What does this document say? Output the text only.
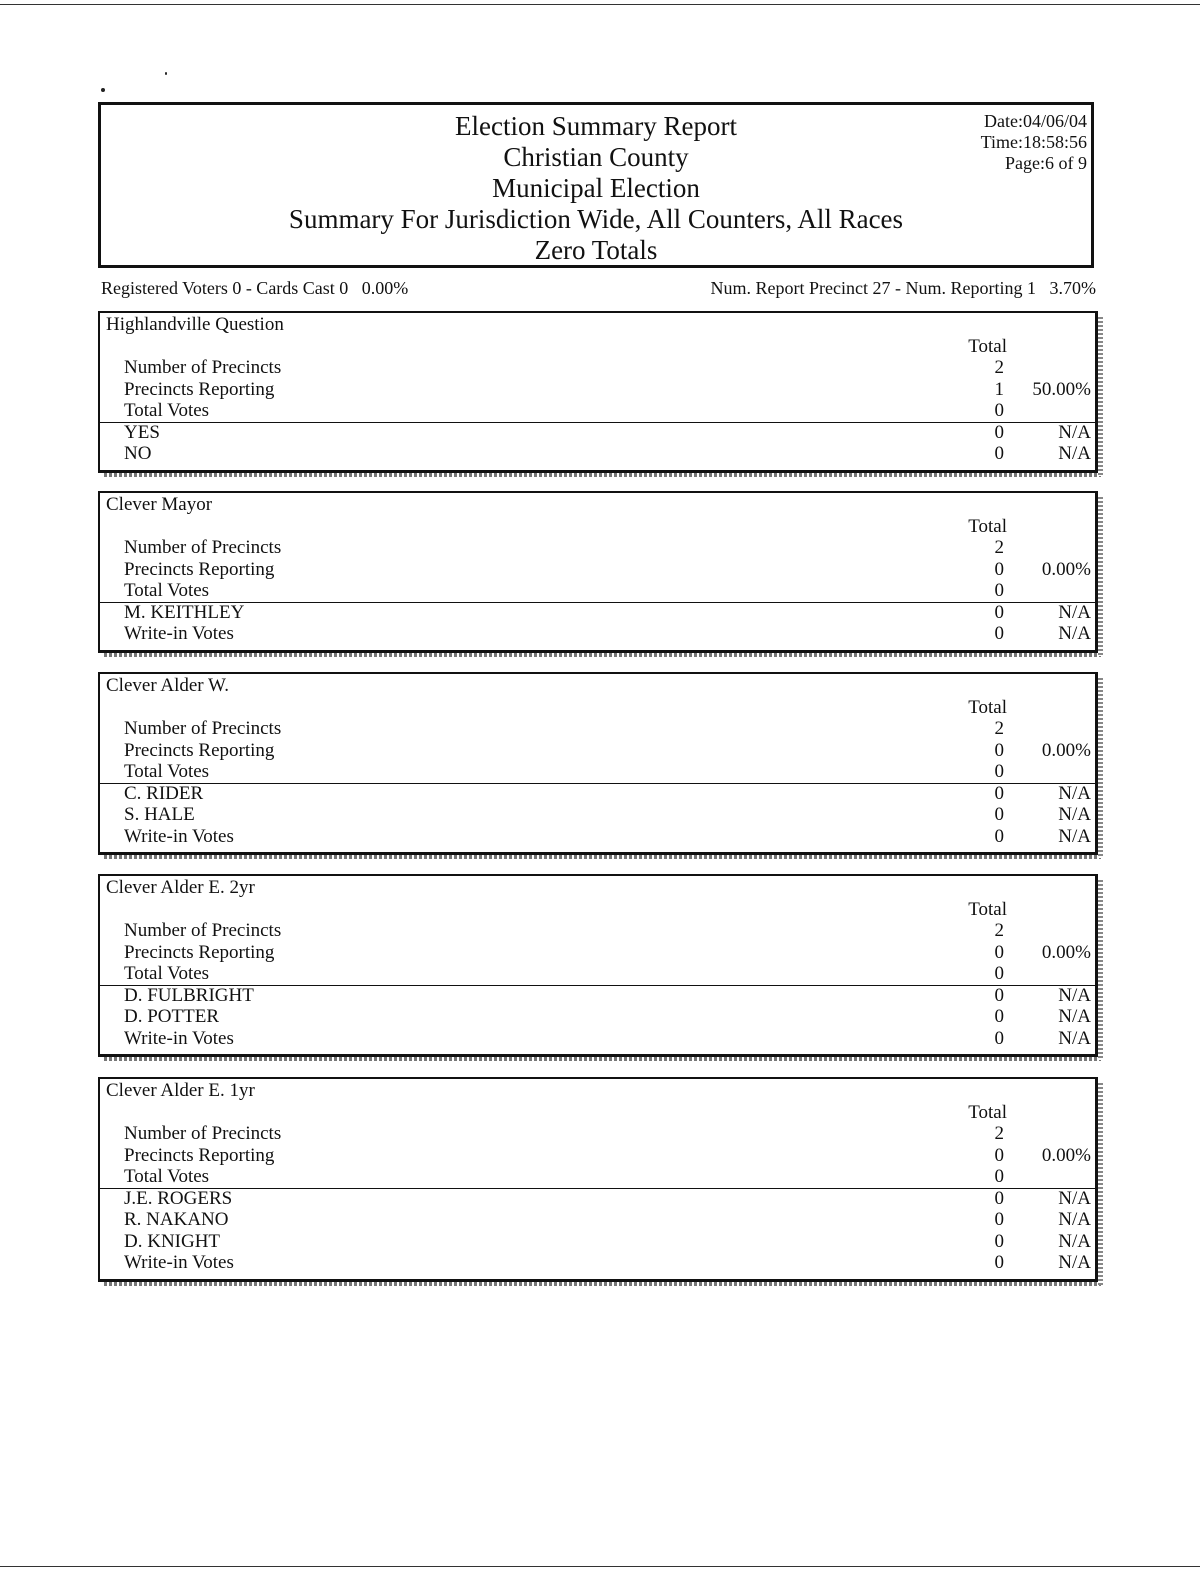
Election Summary Report
Christian County
Municipal Election
Summary For Jurisdiction Wide, All Counters, All Races
Zero Totals
Date:04/06/04
Time:18:58:56
Page:6 of 9
Registered Voters 0 - Cards Cast 0   0.00%	Num. Report Precinct 27 - Num. Reporting 1   3.70%
Highlandville Question
Total
Number of Precincts	2
Precincts Reporting	1 50.00%
Total Votes	0
YES	0	N/A
NO	0	N/A
Clever Mayor
Total
Number of Precincts	2
Precincts Reporting	0 0.00%
Total Votes	0
M. KEITHLEY	0	N/A
Write-in Votes	0	N/A
Clever Alder W.
Total
Number of Precincts	2
Precincts Reporting	0 0.00%
Total Votes	0
C. RIDER	0	N/A
S. HALE	0	N/A
Write-in Votes	0	N/A
Clever Alder E. 2yr
Total
Number of Precincts	2
Precincts Reporting	0 0.00%
Total Votes	0
D. FULBRIGHT	0	N/A
D. POTTER	0	N/A
Write-in Votes	0	N/A
Clever Alder E. 1yr
Total
Number of Precincts	2
Precincts Reporting	0 0.00%
Total Votes	0
J.E. ROGERS	0	N/A
R. NAKANO	0	N/A
D. KNIGHT	0	N/A
Write-in Votes	0	N/A
